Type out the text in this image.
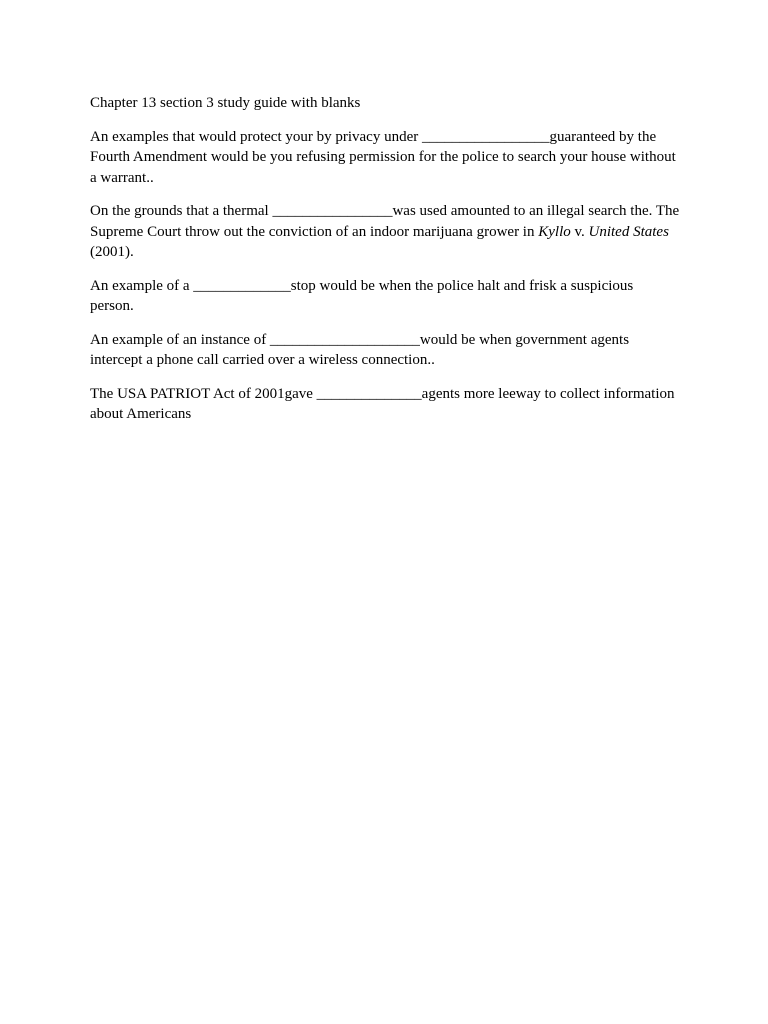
Chapter 13 section 3 study guide with blanks

An examples that would protect your by privacy under _________________guaranteed by the Fourth Amendment would be you refusing permission for the police to search your house without a warrant..

On the grounds that a thermal ________________was used amounted to an illegal search the. The  Supreme Court throw out the conviction of an indoor marijuana grower in Kyllo v. United States (2001).

An example of a _____________stop would be when the police halt and frisk a suspicious person.

An example of an instance of ____________________would be when government agents intercept a phone call carried over a wireless connection..

The USA PATRIOT Act of 2001gave ______________agents more leeway to collect information about Americans
